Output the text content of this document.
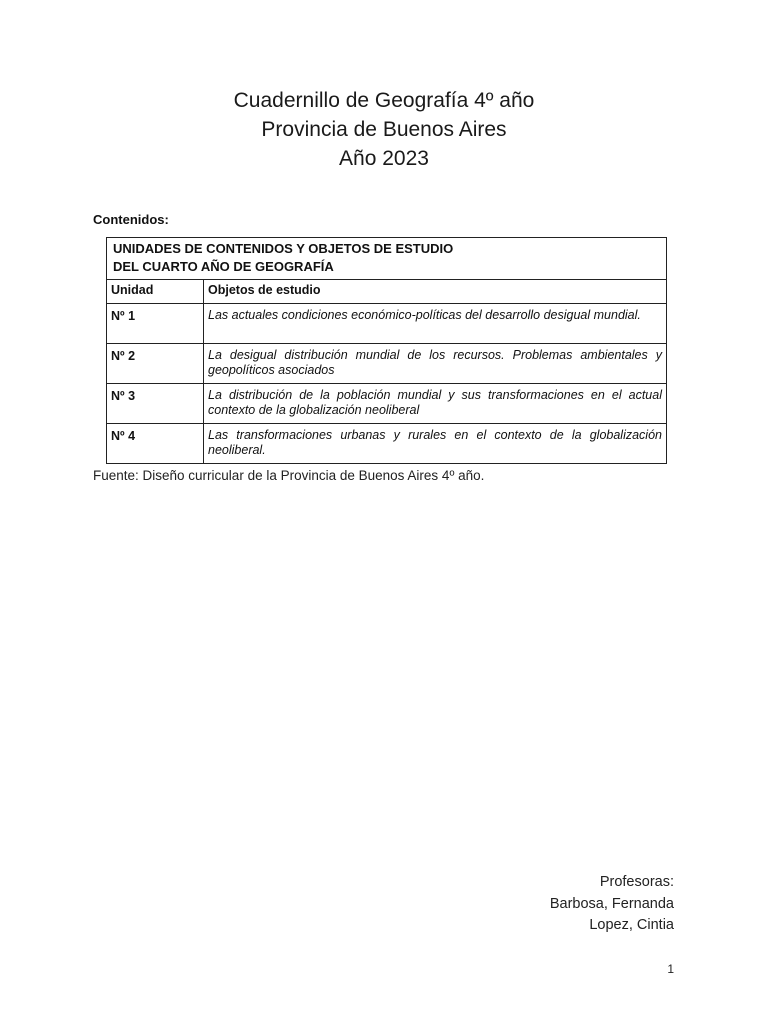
Cuadernillo de Geografía 4º año
Provincia de Buenos Aires
Año 2023
Contenidos:
UNIDADES DE CONTENIDOS Y OBJETOS DE ESTUDIO
DEL CUARTO AÑO DE GEOGRAFÍA	

Unidad	Objetos de estudio
Nº 1	Las actuales condiciones económico-políticas del desarrollo desigual mundial.
Nº 2	La desigual distribución mundial de los recursos. Problemas ambientales y geopolíticos asociados
Nº 3	La distribución de la población mundial y sus transformaciones en el actual contexto de la globalización neoliberal
Nº 4	Las transformaciones urbanas y rurales en el contexto de la globalización neoliberal.
Fuente: Diseño curricular de la Provincia de Buenos Aires 4º año.
Profesoras:
Barbosa, Fernanda
Lopez, Cintia
1
